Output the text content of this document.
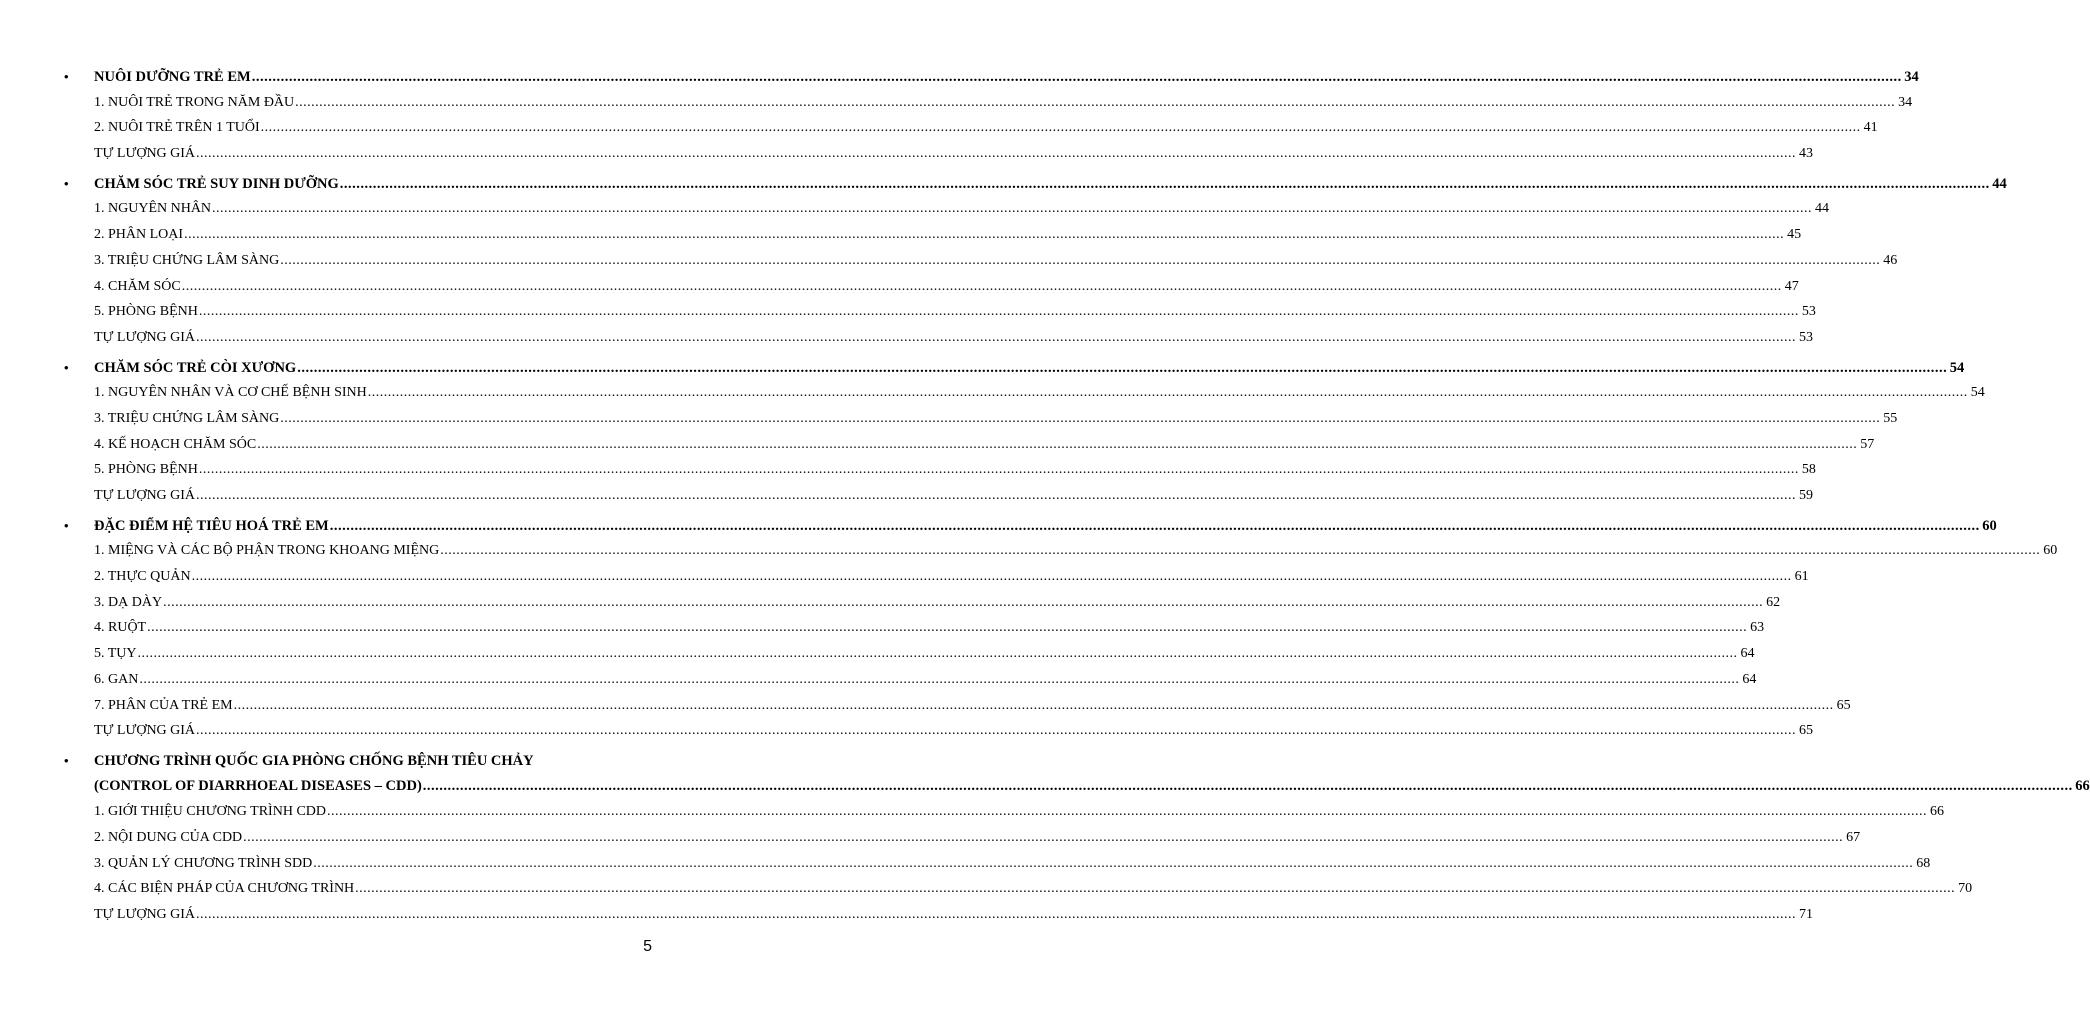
•	NUÔI DƯỠNG TRẺ EM ................................................................................................................................................................................................................................................................................................................................................................................................................ 34
1. NUÔI TRẺ TRONG NĂM ĐẦU ................................................................................................................................................................................................................................................................................................................................................................................................................ 34
2. NUÔI TRẺ TRÊN 1 TUỔI ................................................................................................................................................................................................................................................................................................................................................................................................................ 41
TỰ LƯỢNG GIÁ ................................................................................................................................................................................................................................................................................................................................................................................................................ 43
•	CHĂM SÓC TRẺ SUY DINH DƯỠNG ................................................................................................................................................................................................................................................................................................................................................................................................................ 44
1. NGUYÊN NHÂN ................................................................................................................................................................................................................................................................................................................................................................................................................ 44
2. PHÂN LOẠI ................................................................................................................................................................................................................................................................................................................................................................................................................ 45
3. TRIỆU CHỨNG LÂM SÀNG ................................................................................................................................................................................................................................................................................................................................................................................................................ 46
4. CHĂM SÓC ................................................................................................................................................................................................................................................................................................................................................................................................................ 47
5. PHÒNG BỆNH ................................................................................................................................................................................................................................................................................................................................................................................................................ 53
TỰ LƯỢNG GIÁ ................................................................................................................................................................................................................................................................................................................................................................................................................ 53
•	CHĂM SÓC TRẺ CÒI XƯƠNG ................................................................................................................................................................................................................................................................................................................................................................................................................ 54
1. NGUYÊN NHÂN VÀ CƠ CHẾ BỆNH SINH ................................................................................................................................................................................................................................................................................................................................................................................................................ 54
3. TRIỆU CHỨNG LÂM SÀNG ................................................................................................................................................................................................................................................................................................................................................................................................................ 55
4. KẾ HOẠCH CHĂM SÓC ................................................................................................................................................................................................................................................................................................................................................................................................................ 57
5. PHÒNG BỆNH ................................................................................................................................................................................................................................................................................................................................................................................................................ 58
TỰ LƯỢNG GIÁ ................................................................................................................................................................................................................................................................................................................................................................................................................ 59
•	ĐẶC ĐIỂM HỆ TIÊU HOÁ TRẺ EM ................................................................................................................................................................................................................................................................................................................................................................................................................ 60
1. MIỆNG VÀ CÁC BỘ PHẬN TRONG KHOANG MIỆNG ................................................................................................................................................................................................................................................................................................................................................................................................................ 60
2. THỰC QUẢN ................................................................................................................................................................................................................................................................................................................................................................................................................ 61
3. DẠ DÀY ................................................................................................................................................................................................................................................................................................................................................................................................................ 62
4. RUỘT ................................................................................................................................................................................................................................................................................................................................................................................................................ 63
5. TỤY ................................................................................................................................................................................................................................................................................................................................................................................................................ 64
6. GAN ................................................................................................................................................................................................................................................................................................................................................................................................................ 64
7. PHÂN CỦA TRẺ EM ................................................................................................................................................................................................................................................................................................................................................................................................................ 65
TỰ LƯỢNG GIÁ ................................................................................................................................................................................................................................................................................................................................................................................................................ 65
•	CHƯƠNG TRÌNH QUỐC GIA PHÒNG CHỐNG BỆNH TIÊU CHẢY
(CONTROL OF DIARRHOEAL DISEASES – CDD) ................................................................................................................................................................................................................................................................................................................................................................................................................ 66
1. GIỚI THIỆU CHƯƠNG TRÌNH CDD ................................................................................................................................................................................................................................................................................................................................................................................................................ 66
2. NỘI DUNG CỦA CDD ................................................................................................................................................................................................................................................................................................................................................................................................................ 67
3. QUẢN LÝ CHƯƠNG TRÌNH SDD ................................................................................................................................................................................................................................................................................................................................................................................................................ 68
4. CÁC BIỆN PHÁP CỦA CHƯƠNG TRÌNH ................................................................................................................................................................................................................................................................................................................................................................................................................ 70
TỰ LƯỢNG GIÁ ................................................................................................................................................................................................................................................................................................................................................................................................................ 71
5
